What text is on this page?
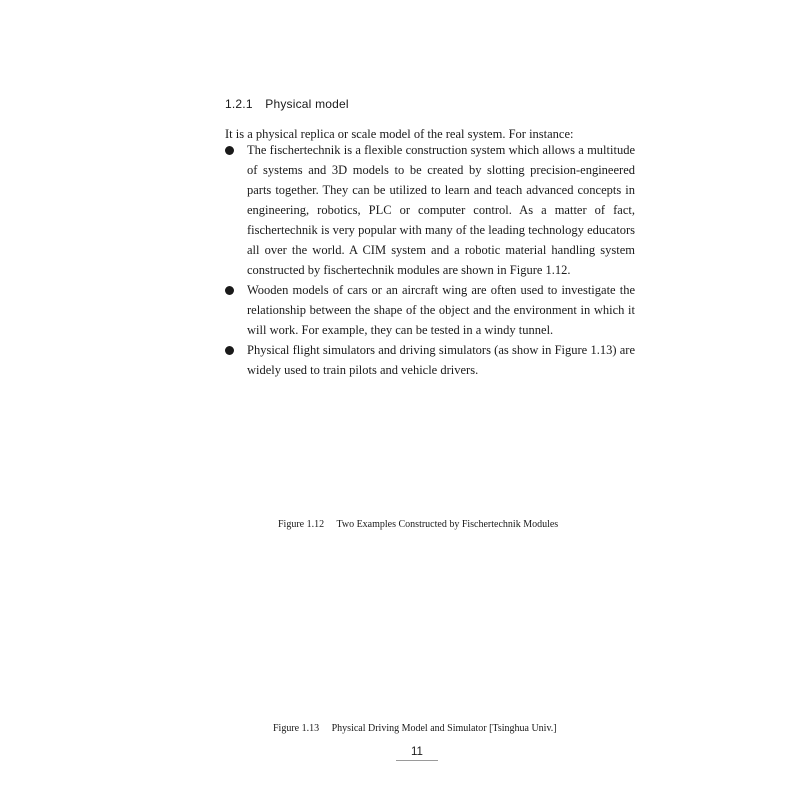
1.2.1 Physical model
It is a physical replica or scale model of the real system. For instance:
The fischertechnik is a flexible construction system which allows a multitude of systems and 3D models to be created by slotting precision-engineered parts together. They can be utilized to learn and teach advanced concepts in engineering, robotics, PLC or computer control. As a matter of fact, fischertechnik is very popular with many of the leading technology educators all over the world. A CIM system and a robotic material handling system constructed by fischertechnik modules are shown in Figure 1.12.
Wooden models of cars or an aircraft wing are often used to investigate the relationship between the shape of the object and the environment in which it will work. For example, they can be tested in a windy tunnel.
Physical flight simulators and driving simulators (as show in Figure 1.13) are widely used to train pilots and vehicle drivers.
Figure 1.12 Two Examples Constructed by Fischertechnik Modules
Figure 1.13 Physical Driving Model and Simulator [Tsinghua Univ.]
11
